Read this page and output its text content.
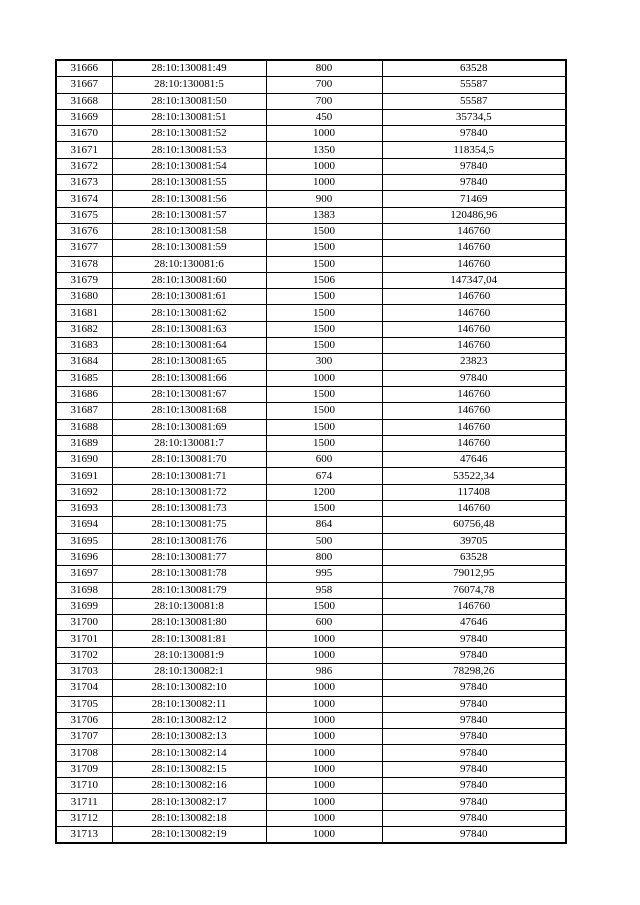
31666	28:10:130081:49	800	63528
31667	28:10:130081:5	700	55587
31668	28:10:130081:50	700	55587
31669	28:10:130081:51	450	35734,5
31670	28:10:130081:52	1000	97840
31671	28:10:130081:53	1350	118354,5
31672	28:10:130081:54	1000	97840
31673	28:10:130081:55	1000	97840
31674	28:10:130081:56	900	71469
31675	28:10:130081:57	1383	120486,96
31676	28:10:130081:58	1500	146760
31677	28:10:130081:59	1500	146760
31678	28:10:130081:6	1500	146760
31679	28:10:130081:60	1506	147347,04
31680	28:10:130081:61	1500	146760
31681	28:10:130081:62	1500	146760
31682	28:10:130081:63	1500	146760
31683	28:10:130081:64	1500	146760
31684	28:10:130081:65	300	23823
31685	28:10:130081:66	1000	97840
31686	28:10:130081:67	1500	146760
31687	28:10:130081:68	1500	146760
31688	28:10:130081:69	1500	146760
31689	28:10:130081:7	1500	146760
31690	28:10:130081:70	600	47646
31691	28:10:130081:71	674	53522,34
31692	28:10:130081:72	1200	117408
31693	28:10:130081:73	1500	146760
31694	28:10:130081:75	864	60756,48
31695	28:10:130081:76	500	39705
31696	28:10:130081:77	800	63528
31697	28:10:130081:78	995	79012,95
31698	28:10:130081:79	958	76074,78
31699	28:10:130081:8	1500	146760
31700	28:10:130081:80	600	47646
31701	28:10:130081:81	1000	97840
31702	28:10:130081:9	1000	97840
31703	28:10:130082:1	986	78298,26
31704	28:10:130082:10	1000	97840
31705	28:10:130082:11	1000	97840
31706	28:10:130082:12	1000	97840
31707	28:10:130082:13	1000	97840
31708	28:10:130082:14	1000	97840
31709	28:10:130082:15	1000	97840
31710	28:10:130082:16	1000	97840
31711	28:10:130082:17	1000	97840
31712	28:10:130082:18	1000	97840
31713	28:10:130082:19	1000	97840
